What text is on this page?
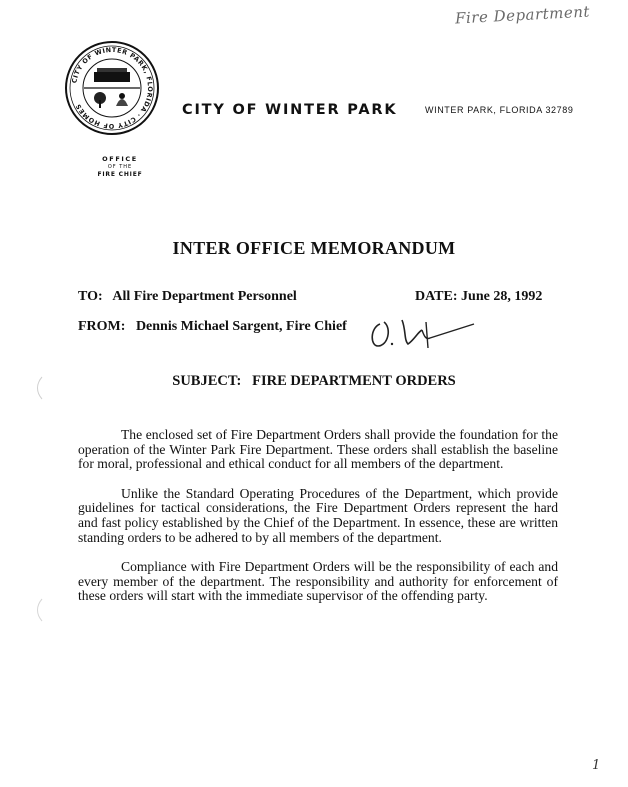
Fire Department
CITY OF WINTER PARK, FLORIDA · CITY OF HOMES	CITY OF WINTER PARK	WINTER PARK, FLORIDA 32789
OFFICE
OF THE
FIRE CHIEF
INTER OFFICE MEMORANDUM
TO: All Fire Department Personnel	DATE: June 28, 1992
FROM: Dennis Michael Sargent, Fire Chief
SUBJECT: FIRE DEPARTMENT ORDERS

The enclosed set of Fire Department Orders shall provide the foundation for the operation of the Winter Park Fire Department. These orders shall establish the baseline for moral, professional and ethical conduct for all members of the department.

Unlike the Standard Operating Procedures of the Department, which provide guidelines for tactical considerations, the Fire Department Orders represent the hard and fast policy established by the Chief of the Department. In essence, these are written standing orders to be adhered to by all members of the department.

Compliance with Fire Department Orders will be the responsibility of each and every member of the department. The responsibility and authority for enforcement of these orders will start with the immediate supervisor of the offending party.

1
